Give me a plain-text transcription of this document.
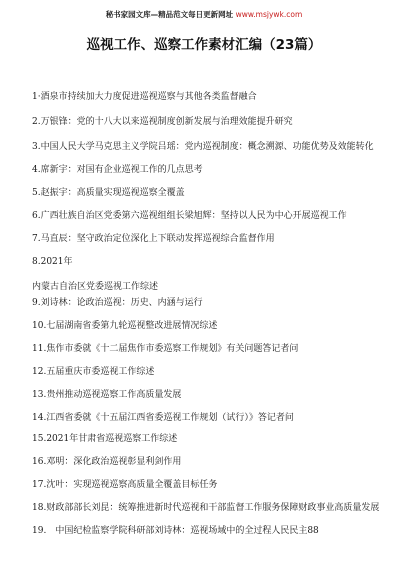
秘书家园文库—精品范文每日更新网址 www.msjywk.com
巡视工作、巡察工作素材汇编（23篇）
1·酒泉市持续加大力度促进巡视巡察与其他各类监督融合
2.万银锋：党的十八大以来巡视制度创新发展与治理效能提升研究
3.中国人民大学马克思主义学院吕瑶：党内巡视制度：概念溯源、功能优势及效能转化
4.席新宇：对国有企业巡视工作的几点思考
5.赵振宇：高质量实现巡视巡察全覆盖
6.广西壮族自治区党委第六巡视组组长梁旭辉：坚持以人民为中心开展巡视工作
7.马直辰：坚守政治定位深化上下联动发挥巡视综合监督作用
8.2021年
内蒙古自治区党委巡视工作综述
9.刘诗林：论政治巡视：历史、内涵与运行
10.七届湖南省委第九轮巡视整改进展情况综述
11.焦作市委就《十二届焦作市委巡察工作规划》有关问题答记者问
12.五届重庆市委巡视工作综述
13.贵州推动巡视巡察工作高质量发展
14.江西省委就《十五届江西省委巡视工作规划（试行）》答记者问
15.2021年甘肃省巡视巡察工作综述
16.邓明：深化政治巡视彰显利剑作用
17.沈叶：实现巡视巡察高质量全覆盖目标任务
18.财政部部长刘昆：统筹推进新时代巡视和干部监督工作服务保障财政事业高质量发展
19.　中国纪检监察学院科研部刘诗林：巡视场域中的全过程人民民主88
